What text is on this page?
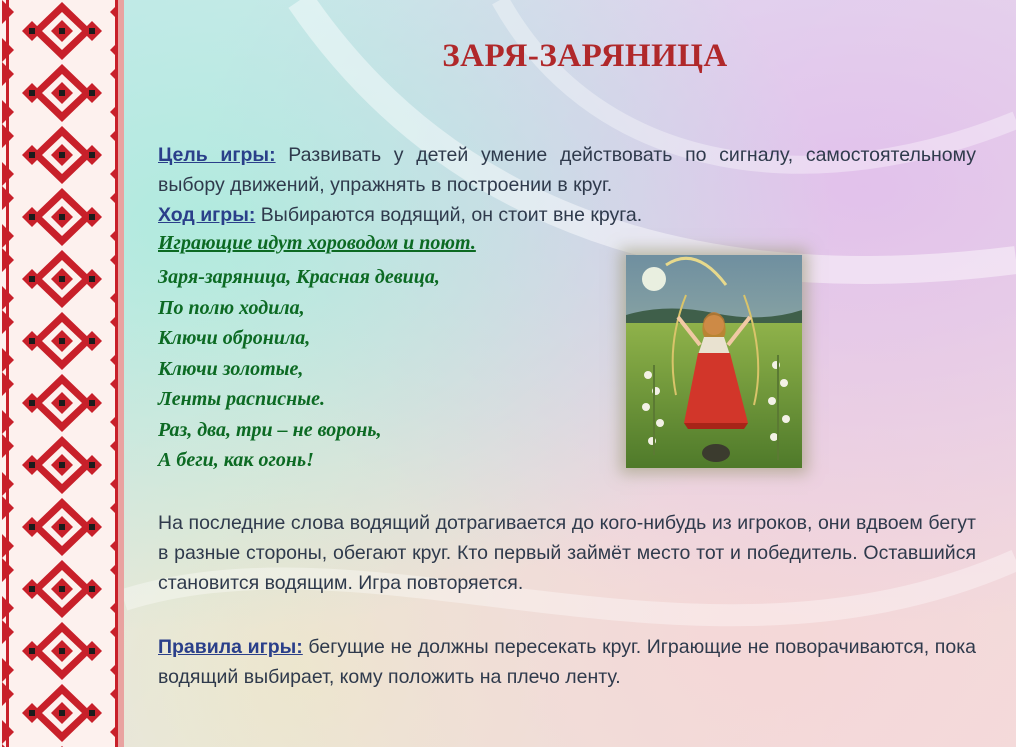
ЗАРЯ-ЗАРЯНИЦА
Цель игры: Развивать у детей умение действовать по сигналу, самостоятельному выбору движений, упражнять в построении в круг.
Ход игры: Выбираются водящий, он стоит вне круга.
Играющие идут хороводом и поют.
Заря-заряница, Красная девица,
По полю ходила,
Ключи обронила,
Ключи золотые,
Ленты расписные.
Раз, два, три – не воронь,
А беги, как огонь!
На последние слова водящий дотрагивается до кого-нибудь из игроков, они вдвоем бегут в разные стороны, обегают круг. Кто первый займёт место тот и победитель. Оставшийся становится водящим. Игра повторяется.
Правила игры: бегущие не должны пересекать круг. Играющие не поворачиваются, пока водящий выбирает, кому положить на плечо ленту.
